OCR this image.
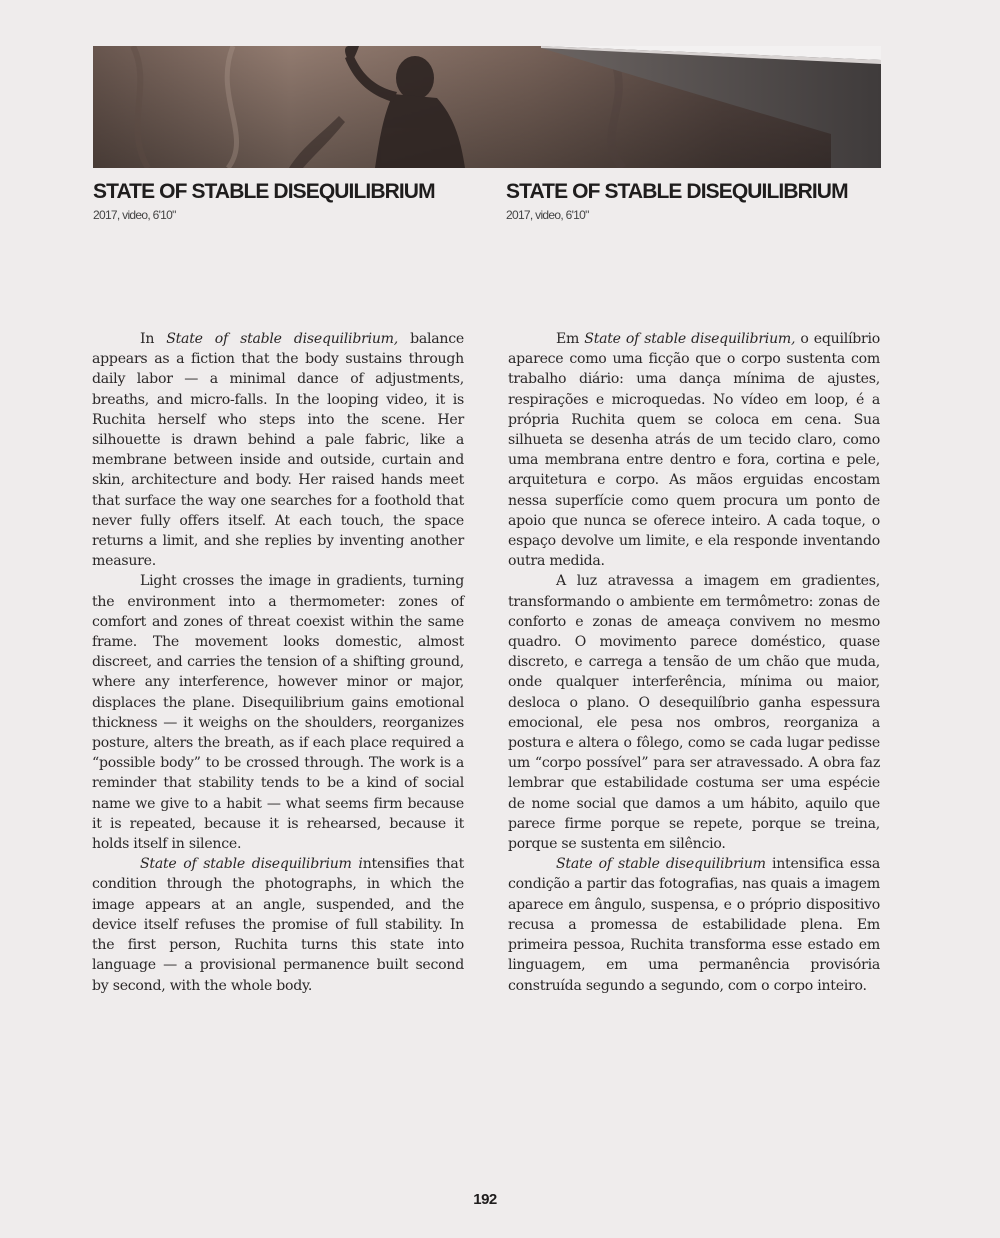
STATE OF STABLE DISEQUILIBRIUM
2017, video, 6'10"
STATE OF STABLE DISEQUILIBRIUM
2017, video, 6'10"

In State of stable disequilibrium, balance appears as a fiction that the body sustains through daily labor — a minimal dance of adjustments, breaths, and micro-falls. In the looping video, it is Ruchita herself who steps into the scene. Her silhouette is drawn behind a pale fabric, like a membrane between inside and outside, curtain and skin, architecture and body. Her raised hands meet that surface the way one searches for a foothold that never fully offers itself. At each touch, the space returns a limit, and she replies by inventing another measure.

Light crosses the image in gradients, turning the environment into a thermometer: zones of comfort and zones of threat coexist within the same frame. The movement looks domestic, almost discreet, and carries the tension of a shifting ground, where any interference, however minor or major, displaces the plane. Disequilibrium gains emotional thickness — it weighs on the shoulders, reorganizes posture, alters the breath, as if each place required a “possible body” to be crossed through. The work is a reminder that stability tends to be a kind of social name we give to a habit — what seems firm because it is repeated, because it is rehearsed, because it holds itself in silence.

State of stable disequilibrium intensifies that condition through the photographs, in which the image appears at an angle, suspended, and the device itself refuses the promise of full stability. In the first person, Ruchita turns this state into language — a provisional permanence built second by second, with the whole body.

Em State of stable disequilibrium, o equilíbrio aparece como uma ficção que o corpo sustenta com trabalho diário: uma dança mínima de ajustes, respirações e microquedas. No vídeo em loop, é a própria Ruchita quem se coloca em cena. Sua silhueta se desenha atrás de um tecido claro, como uma membrana entre dentro e fora, cortina e pele, arquitetura e corpo. As mãos erguidas encostam nessa superfície como quem procura um ponto de apoio que nunca se oferece inteiro. A cada toque, o espaço devolve um limite, e ela responde inventando outra medida.

A luz atravessa a imagem em gradientes, transformando o ambiente em termômetro: zonas de conforto e zonas de ameaça convivem no mesmo quadro. O movimento parece doméstico, quase discreto, e carrega a tensão de um chão que muda, onde qualquer interferência, mínima ou maior, desloca o plano. O desequilíbrio ganha espessura emocional, ele pesa nos ombros, reorganiza a postura e altera o fôlego, como se cada lugar pedisse um “corpo possível” para ser atravessado. A obra faz lembrar que estabilidade costuma ser uma espécie de nome social que damos a um hábito, aquilo que parece firme porque se repete, porque se treina, porque se sustenta em silêncio.

State of stable disequilibrium intensifica essa condição a partir das fotografias, nas quais a imagem aparece em ângulo, suspensa, e o próprio dispositivo recusa a promessa de estabilidade plena. Em primeira pessoa, Ruchita transforma esse estado em linguagem, em uma permanência provisória construída segundo a segundo, com o corpo inteiro.

192
